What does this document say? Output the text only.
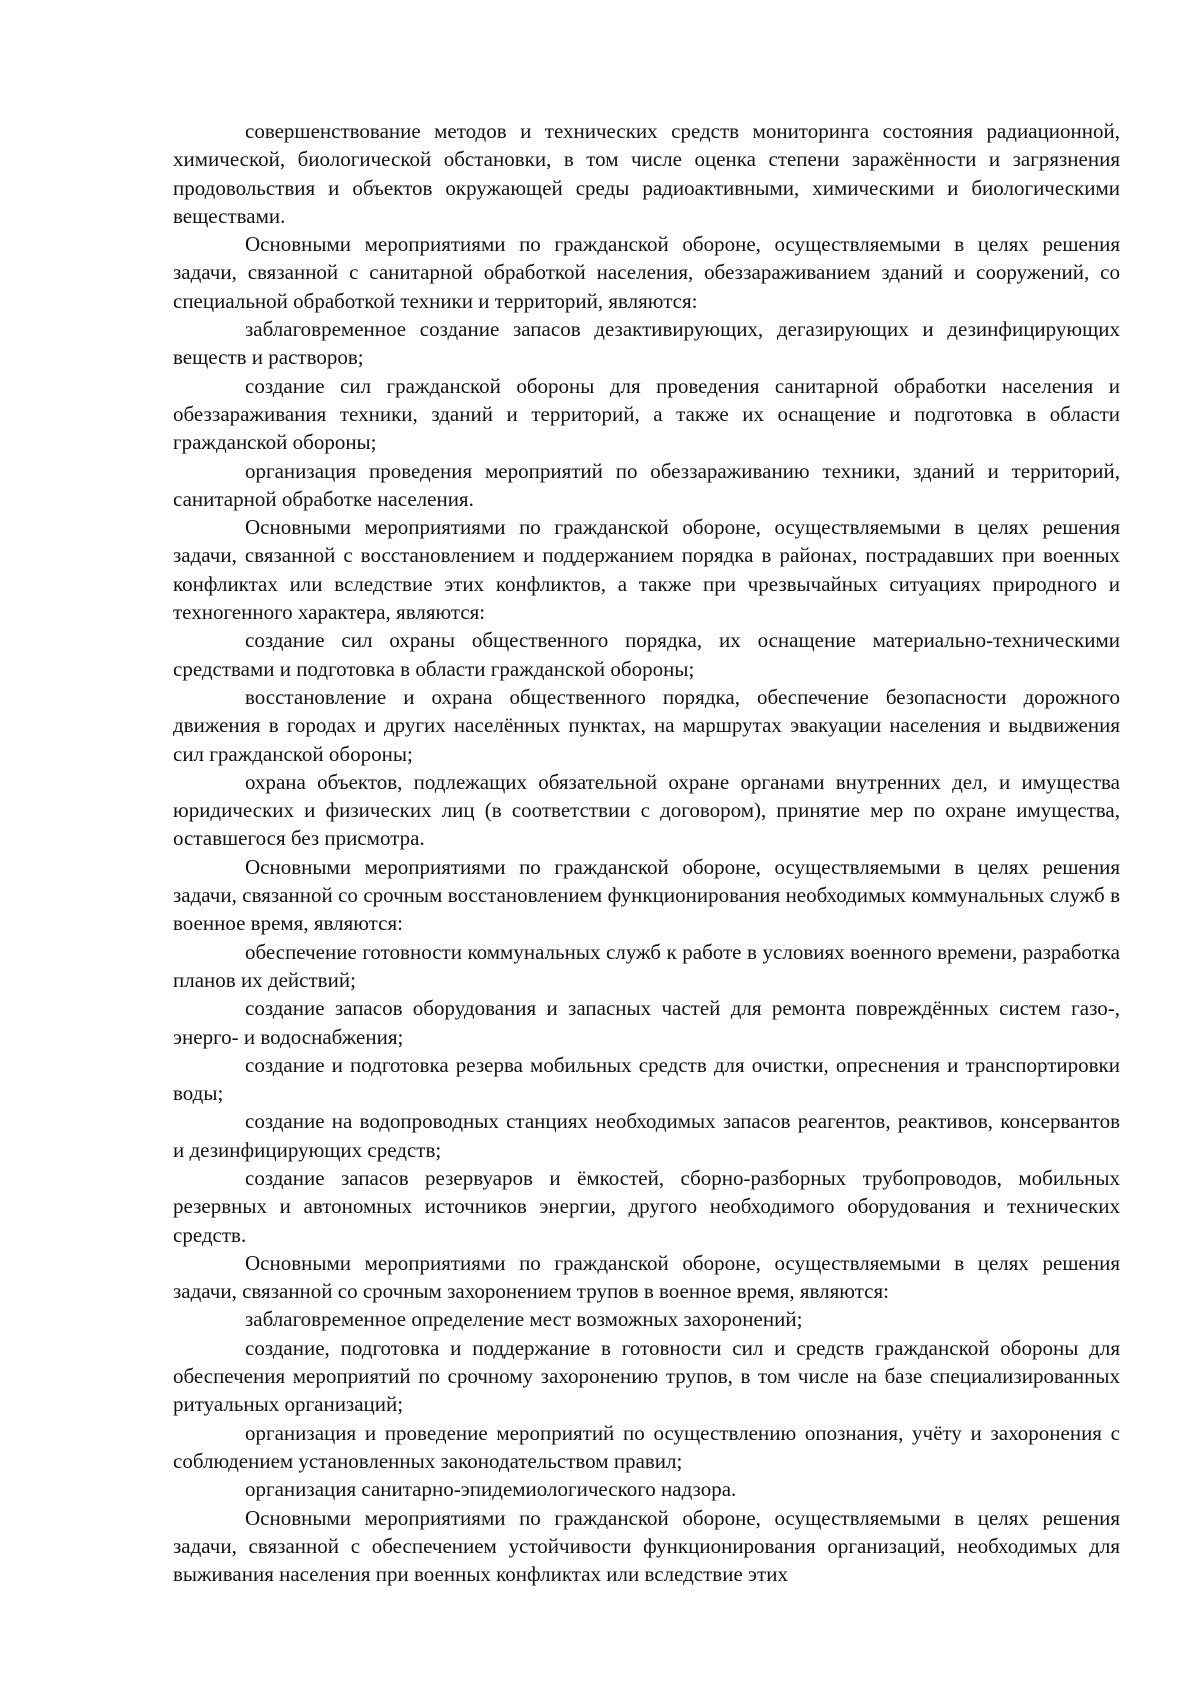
совершенствование методов и технических средств мониторинга состояния радиационной, химической, биологической обстановки, в том числе оценка степени заражённости и загрязнения продовольствия и объектов окружающей среды радиоактивными, химическими и биологическими веществами.

Основными мероприятиями по гражданской обороне, осуществляемыми в целях решения задачи, связанной с санитарной обработкой населения, обеззараживанием зданий и сооружений, со специальной обработкой техники и территорий, являются:

заблаговременное создание запасов дезактивирующих, дегазирующих и дезинфицирующих веществ и растворов;

создание сил гражданской обороны для проведения санитарной обработки населения и обеззараживания техники, зданий и территорий, а также их оснащение и подготовка в области гражданской обороны;

организация проведения мероприятий по обеззараживанию техники, зданий и территорий, санитарной обработке населения.

Основными мероприятиями по гражданской обороне, осуществляемыми в целях решения задачи, связанной с восстановлением и поддержанием порядка в районах, пострадавших при военных конфликтах или вследствие этих конфликтов, а также при чрезвычайных ситуациях природного и техногенного характера, являются:

создание сил охраны общественного порядка, их оснащение материально-техническими средствами и подготовка в области гражданской обороны;

восстановление и охрана общественного порядка, обеспечение безопасности дорожного движения в городах и других населённых пунктах, на маршрутах эвакуации населения и выдвижения сил гражданской обороны;

охрана объектов, подлежащих обязательной охране органами внутренних дел, и имущества юридических и физических лиц (в соответствии с договором), принятие мер по охране имущества, оставшегося без присмотра.

Основными мероприятиями по гражданской обороне, осуществляемыми в целях решения задачи, связанной со срочным восстановлением функционирования необходимых коммунальных служб в военное время, являются:

обеспечение готовности коммунальных служб к работе в условиях военного времени, разработка планов их действий;

создание запасов оборудования и запасных частей для ремонта повреждённых систем газо-, энерго- и водоснабжения;

создание и подготовка резерва мобильных средств для очистки, опреснения и транспортировки воды;

создание на водопроводных станциях необходимых запасов реагентов, реактивов, консервантов и дезинфицирующих средств;

создание запасов резервуаров и ёмкостей, сборно-разборных трубопроводов, мобильных резервных и автономных источников энергии, другого необходимого оборудования и технических средств.

Основными мероприятиями по гражданской обороне, осуществляемыми в целях решения задачи, связанной со срочным захоронением трупов в военное время, являются:

заблаговременное определение мест возможных захоронений;

создание, подготовка и поддержание в готовности сил и средств гражданской обороны для обеспечения мероприятий по срочному захоронению трупов, в том числе на базе специализированных ритуальных организаций;

организация и проведение мероприятий по осуществлению опознания, учёту и захоронения с соблюдением установленных законодательством правил;

организация санитарно-эпидемиологического надзора.

Основными мероприятиями по гражданской обороне, осуществляемыми в целях решения задачи, связанной с обеспечением устойчивости функционирования организаций, необходимых для выживания населения при военных конфликтах или вследствие этих
